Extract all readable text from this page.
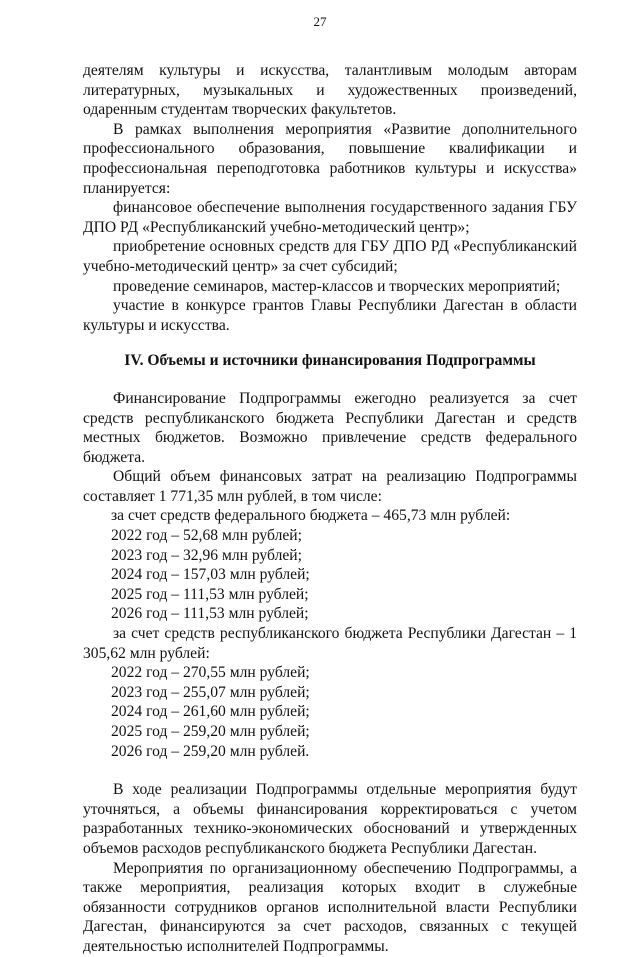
27

деятелям культуры и искусства, талантливым молодым авторам литературных, музыкальных и художественных произведений, одаренным студентам творческих факультетов.

В рамках выполнения мероприятия «Развитие дополнительного профессионального образования, повышение квалификации и профессиональная переподготовка работников культуры и искусства» планируется:

финансовое обеспечение выполнения государственного задания ГБУ ДПО РД «Республиканский учебно-методический центр»;

приобретение основных средств для ГБУ ДПО РД «Республиканский учебно-методический центр» за счет субсидий;

проведение семинаров, мастер-классов и творческих мероприятий;

участие в конкурсе грантов Главы Республики Дагестан в области культуры и искусства.

IV. Объемы и источники финансирования Подпрограммы

Финансирование Подпрограммы ежегодно реализуется за счет средств республиканского бюджета Республики Дагестан и средств местных бюджетов. Возможно привлечение средств федерального бюджета.

Общий объем финансовых затрат на реализацию Подпрограммы составляет 1 771,35 млн рублей, в том числе:

за счет средств федерального бюджета – 465,73 млн рублей:

2022 год – 52,68 млн рублей;

2023 год – 32,96 млн рублей;

2024 год – 157,03 млн рублей;

2025 год – 111,53 млн рублей;

2026 год – 111,53 млн рублей;

за счет средств республиканского бюджета Республики Дагестан – 1 305,62 млн рублей:

2022 год – 270,55 млн рублей;

2023 год – 255,07 млн рублей;

2024 год – 261,60 млн рублей;

2025 год – 259,20 млн рублей;

2026 год – 259,20 млн рублей.

В ходе реализации Подпрограммы отдельные мероприятия будут уточняться, а объемы финансирования корректироваться с учетом разработанных технико-экономических обоснований и утвержденных объемов расходов республиканского бюджета Республики Дагестан.

Мероприятия по организационному обеспечению Подпрограммы, а также мероприятия, реализация которых входит в служебные обязанности сотрудников органов исполнительной власти Республики Дагестан, финансируются за счет расходов, связанных с текущей деятельностью исполнителей Подпрограммы.
